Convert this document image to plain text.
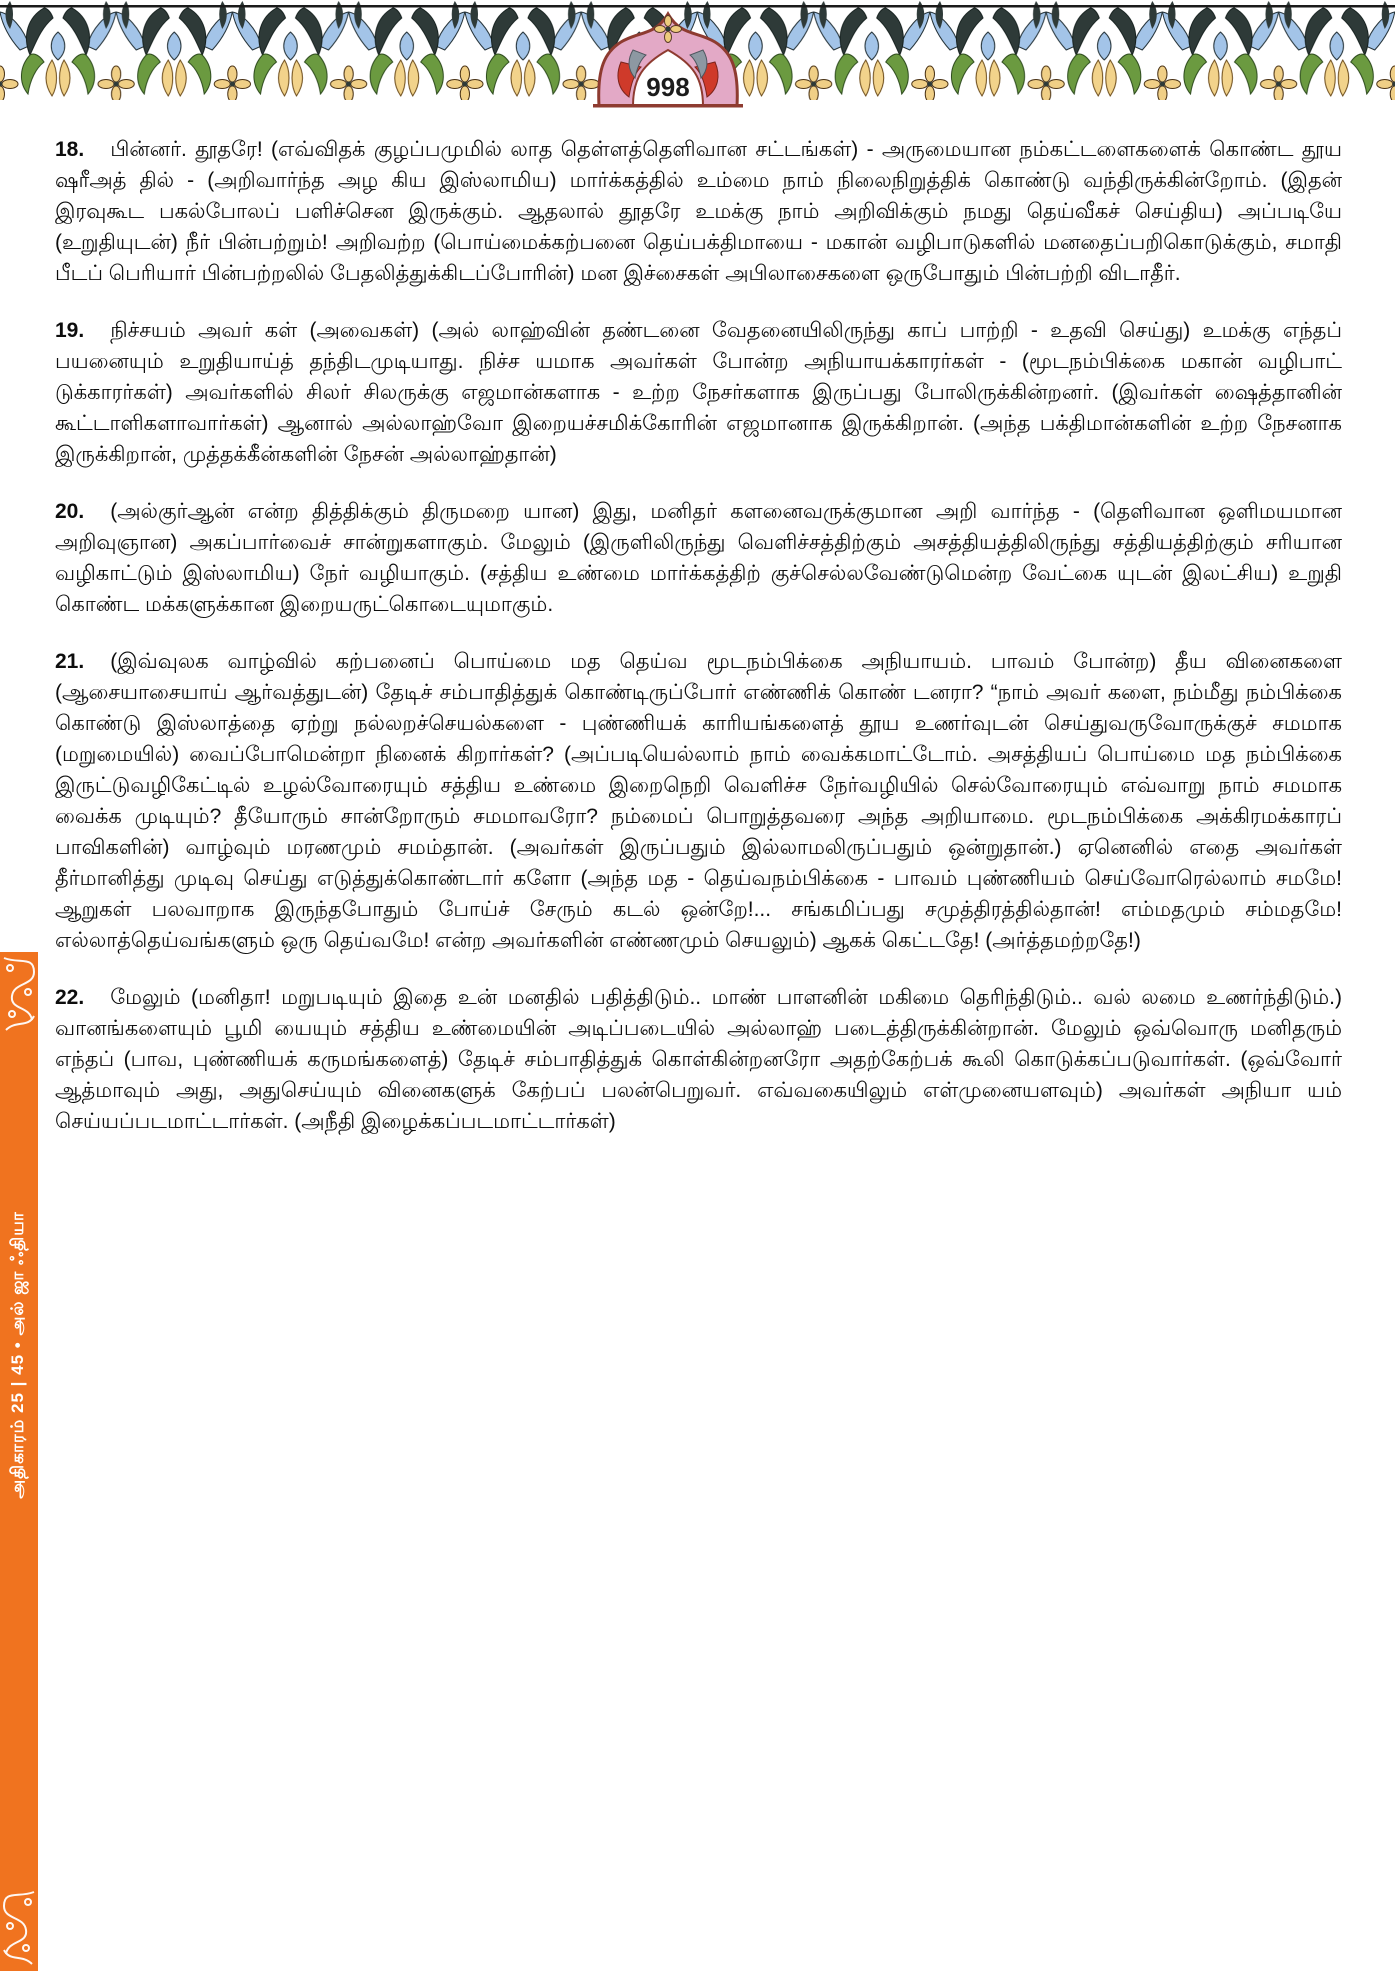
998

18. பின்னர். தூதரே! (எவ்விதக் குழப்பமுமில் லாத தெள்ளத்தெளிவான சட்டங்கள்) - அருமையான நம்கட்டளைகளைக் கொண்ட தூய ஷரீஅத் தில் - (அறிவார்ந்த அழ கிய இஸ்லாமிய) மார்க்கத்தில் உம்மை நாம் நிலைநிறுத்திக் கொண்டு வந்திருக்கின்றோம். (இதன் இரவுகூட பகல்போலப் பளிச்சென இருக்கும். ஆதலால் தூதரே உமக்கு நாம் அறிவிக்கும் நமது தெய்வீகச் செய்திய) அப்படியே (உறுதியுடன்) நீர் பின்பற்றும்! அறிவற்ற (பொய்மைக்கற்பனை தெய்பக்திமாயை - மகான் வழிபாடுகளில் மனதைப்பறிகொடுக்கும், சமாதி பீடப் பெரியார் பின்பற்றலில் பேதலித்துக்கிடப்போரின்) மன இச்சைகள் அபிலாசைகளை ஒருபோதும் பின்பற்றி விடாதீர்.

19. நிச்சயம் அவர் கள் (அவைகள்) (அல் லாஹ்வின் தண்டனை வேதனையிலிருந்து காப் பாற்றி - உதவி செய்து) உமக்கு எந்தப் பயனையும் உறுதியாய்த் தந்திடமுடியாது. நிச்ச யமாக அவர்கள் போன்ற அநியாயக்காரர்கள் - (மூடநம்பிக்கை மகான் வழிபாட் டுக்காரர்கள்) அவர்களில் சிலர் சிலருக்கு எஜமான்களாக - உற்ற நேசர்களாக இருப்பது போலிருக்கின்றனர். (இவர்கள் ஷைத்தானின் கூட்டாளிகளாவார்கள்) ஆனால் அல்லாஹ்வோ இறையச்சமிக்கோரின் எஜமானாக இருக்கிறான். (அந்த பக்திமான்களின் உற்ற நேசனாக இருக்கிறான், முத்தக்கீன்களின் நேசன் அல்லாஹ்தான்)

20. (அல்குர்ஆன் என்ற தித்திக்கும் திருமறை யான) இது, மனிதர் களனைவருக்குமான அறி வார்ந்த - (தெளிவான ஒளிமயமான அறிவுஞான) அகப்பார்வைச் சான்றுகளாகும். மேலும் (இருளிலிருந்து வெளிச்சத்திற்கும் அசத்தியத்திலிருந்து சத்தியத்திற்கும் சரியான வழிகாட்டும் இஸ்லாமிய) நேர் வழியாகும். (சத்திய உண்மை மார்க்கத்திற் குச்செல்லவேண்டுமென்ற வேட்கை யுடன் இலட்சிய) உறுதி கொண்ட மக்களுக்கான இறையருட்கொடையுமாகும்.

21. (இவ்வுலக வாழ்வில் கற்பனைப் பொய்மை மத தெய்வ மூடநம்பிக்கை அநியாயம். பாவம் போன்ற) தீய வினைகளை (ஆசையாசையாய் ஆர்வத்துடன்) தேடிச் சம்பாதித்துக் கொண்டிருப்போர் எண்ணிக் கொண் டனரா? “நாம் அவர் களை, நம்மீது நம்பிக்கை கொண்டு இஸ்லாத்தை ஏற்று நல்லறச்செயல்களை - புண்ணியக் காரியங்களைத் தூய உணர்வுடன் செய்துவருவோருக்குச் சமமாக (மறுமையில்) வைப்போமென்றா நினைக் கிறார்கள்? (அப்படியெல்லாம் நாம் வைக்கமாட்டோம். அசத்தியப் பொய்மை மத நம்பிக்கை இருட்டுவழிகேட்டில் உழல்வோரையும் சத்திய உண்மை இறைநெறி வெளிச்ச நேர்வழியில் செல்வோரையும் எவ்வாறு நாம் சமமாக வைக்க முடியும்? தீயோரும் சான்றோரும் சமமாவரோ? நம்மைப் பொறுத்தவரை அந்த அறியாமை. மூடநம்பிக்கை அக்கிரமக்காரப் பாவிகளின்) வாழ்வும் மரணமும் சமம்தான். (அவர்கள் இருப்பதும் இல்லாமலிருப்பதும் ஒன்றுதான்.) ஏனெனில் எதை அவர்கள் தீர்மானித்து முடிவு செய்து எடுத்துக்கொண்டார் களோ (அந்த மத - தெய்வநம்பிக்கை - பாவம் புண்ணியம் செய்வோரெல்லாம் சமமே! ஆறுகள் பலவாறாக இருந்தபோதும் போய்ச் சேரும் கடல் ஒன்றே!... சங்கமிப்பது சமுத்திரத்தில்தான்! எம்மதமும் சம்மதமே! எல்லாத்தெய்வங்களும் ஒரு தெய்வமே! என்ற அவர்களின் எண்ணமும் செயலும்) ஆகக் கெட்டதே! (அர்த்தமற்றதே!)

22. மேலும் (மனிதா! மறுபடியும் இதை உன் மனதில் பதித்திடும்.. மாண் பாளனின் மகிமை தெரிந்திடும்.. வல் லமை உணர்ந்திடும்.) வானங்களையும் பூமி யையும் சத்திய உண்மையின் அடிப்படையில் அல்லாஹ் படைத்திருக்கின்றான். மேலும் ஒவ்வொரு மனிதரும் எந்தப் (பாவ, புண்ணியக் கருமங்களைத்) தேடிச் சம்பாதித்துக் கொள்கின்றனரோ அதற்கேற்பக் கூலி கொடுக்கப்படுவார்கள். (ஒவ்வோர் ஆத்மாவும் அது, அதுசெய்யும் வினைகளுக் கேற்பப் பலன்பெறுவர். எவ்வகையிலும் எள்முனையளவும்) அவர்கள் அநியா யம் செய்யப்படமாட்டார்கள். (அநீதி இழைக்கப்படமாட்டார்கள்)

அதிகாரம் 25 | 45 • அல் ஜா ஃதியா
